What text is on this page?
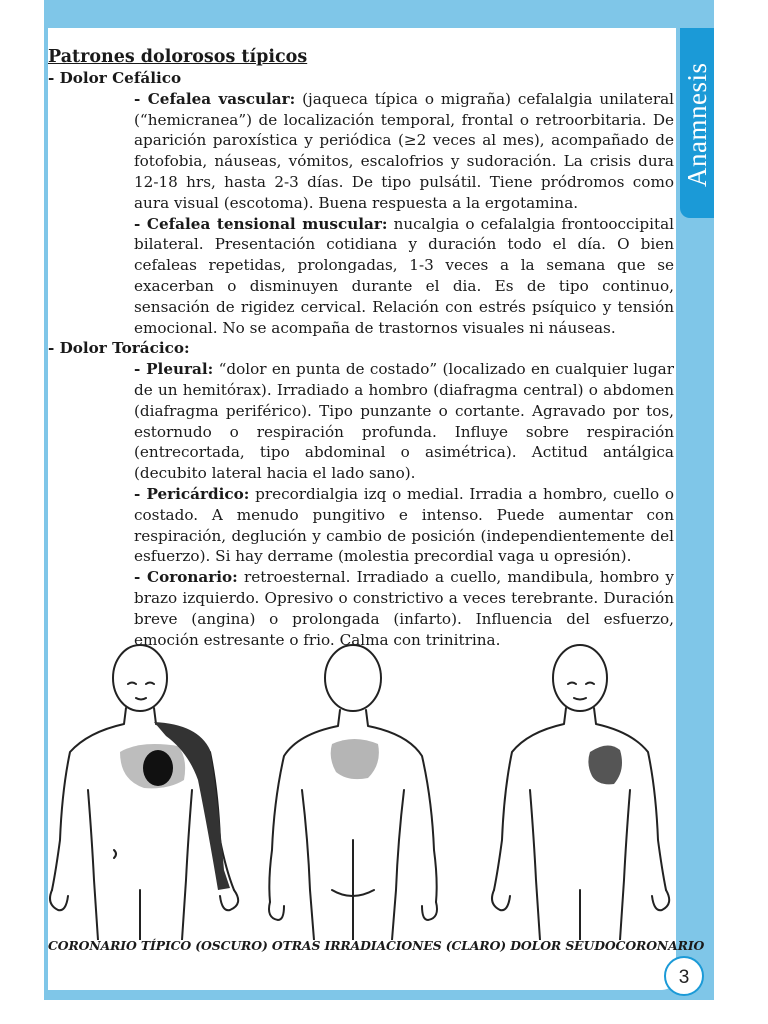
Anamnesis
Patrones dolorosos típicos

- Dolor Cefálico

- Cefalea vascular: (jaqueca típica o migraña) cefalalgia unilateral (“hemicranea”) de localización temporal, frontal o retroorbitaria. De aparición paroxística y periódica (≥2 veces al mes), acompañado de fotofobia, náuseas, vómitos, escalofrios y sudoración. La crisis dura 12-18 hrs, hasta 2-3 días. De tipo pulsátil. Tiene pródromos como aura visual (escotoma). Buena respuesta a la ergotamina.

- Cefalea tensional muscular: nucalgia o cefalalgia frontooccipital bilateral. Presentación cotidiana y duración todo el día. O bien cefaleas repetidas, prolongadas, 1-3 veces a la semana que se exacerban o disminuyen durante el dia. Es de tipo continuo, sensación de rigidez cervical. Relación con estrés psíquico y tensión emocional. No se acompaña de trastornos visuales ni náuseas.

- Dolor Torácico:

- Pleural: “dolor en punta de costado” (localizado en cualquier lugar de un hemitórax). Irradiado a hombro (diafragma central) o abdomen (diafragma periférico). Tipo punzante o cortante. Agravado por tos, estornudo o respiración profunda. Influye sobre respiración (entrecortada, tipo abdominal o asimétrica). Actitud antálgica (decubito lateral hacia el lado sano).

- Pericárdico: precordialgia izq o medial. Irradia a hombro, cuello o costado. A menudo pungitivo e intenso. Puede aumentar con respiración, deglución y cambio de posición (independientemente del esfuerzo). Si hay derrame (molestia precordial vaga u opresión).

- Coronario: retroesternal. Irradiado a cuello, mandibula, hombro y brazo izquierdo. Opresivo o constrictivo a veces terebrante. Duración breve (angina) o prolongada (infarto). Influencia del esfuerzo, emoción estresante o frio. Calma con trinitrina.

CORONARIO TÍPICO (OSCURO) OTRAS IRRADIACIONES (CLARO) DOLOR SEUDOCORONARIO
3
